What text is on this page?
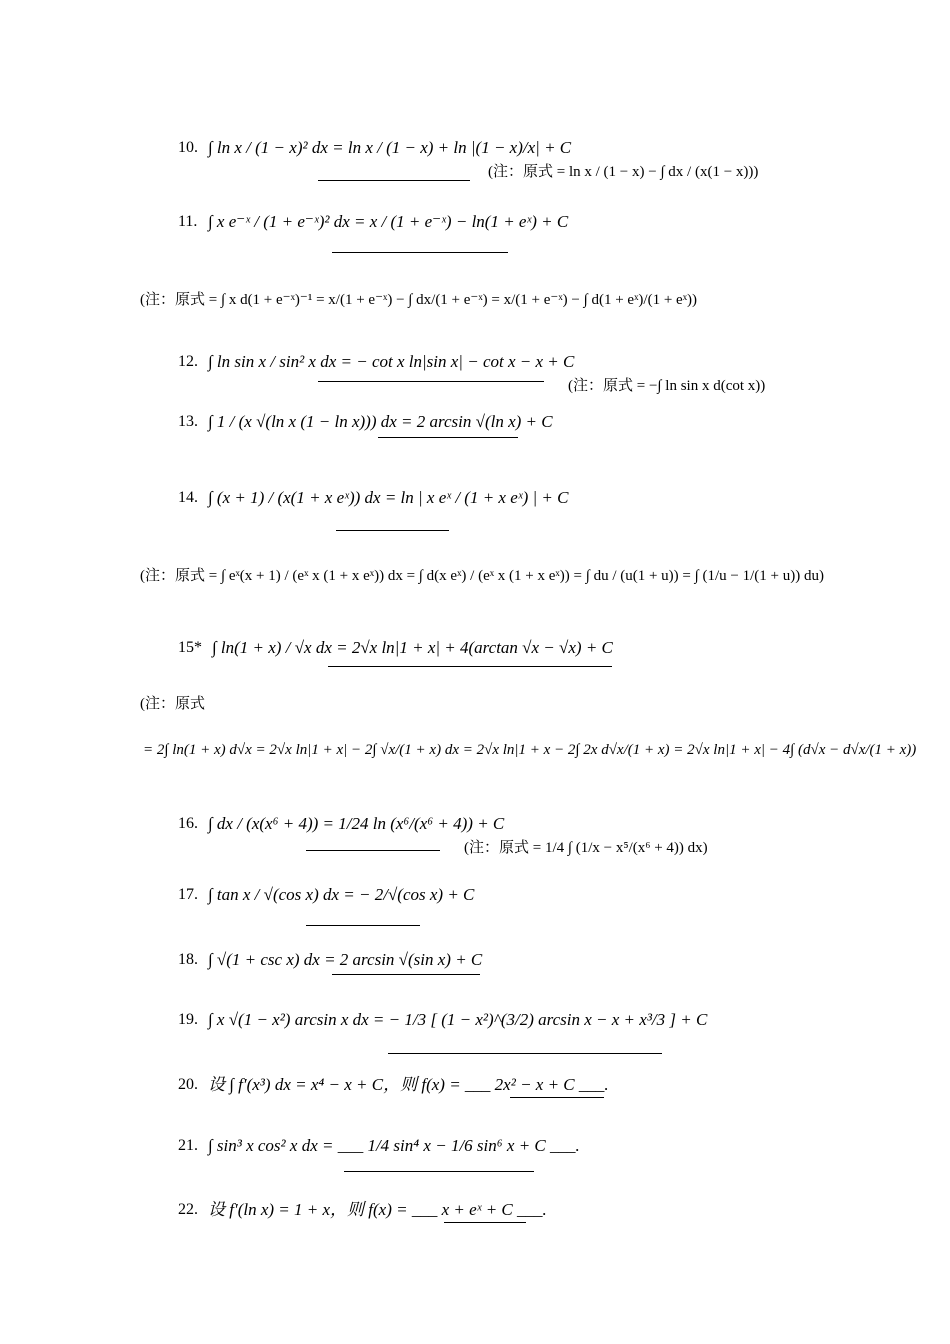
10. ∫ ln x / (1 − x)² dx = ln x / (1 − x) + ln |(1 − x)/x| + C
(注：原式 = ln x / (1 − x) − ∫ dx / (x(1 − x)))
11. ∫ x e⁻ˣ / (1 + e⁻ˣ)² dx = x / (1 + e⁻ˣ) − ln(1 + eˣ) + C
(注：原式 = ∫ x d(1 + e⁻ˣ)⁻¹ = x/(1 + e⁻ˣ) − ∫ dx/(1 + e⁻ˣ) = x/(1 + e⁻ˣ) − ∫ d(1 + eˣ)/(1 + eˣ))
12. ∫ ln sin x / sin² x dx = − cot x ln|sin x| − cot x − x + C
(注：原式 = −∫ ln sin x d(cot x))
13. ∫ 1 / (x √(ln x (1 − ln x))) dx = 2 arcsin √(ln x) + C
14. ∫ (x + 1) / (x(1 + x eˣ)) dx = ln | x eˣ / (1 + x eˣ) | + C
(注：原式 = ∫ eˣ(x + 1) / (eˣ x (1 + x eˣ)) dx = ∫ d(x eˣ) / (eˣ x (1 + x eˣ)) = ∫ du / (u(1 + u)) = ∫ (1/u − 1/(1 + u)) du)
15* ∫ ln(1 + x) / √x dx = 2√x ln|1 + x| + 4(arctan √x − √x) + C
(注：原式
= 2∫ ln(1 + x) d√x = 2√x ln|1 + x| − 2∫ √x/(1 + x) dx = 2√x ln|1 + x − 2∫ 2x d√x/(1 + x) = 2√x ln|1 + x| − 4∫ (d√x − d√x/(1 + x))
16. ∫ dx / (x(x⁶ + 4)) = 1/24 ln (x⁶/(x⁶ + 4)) + C
(注：原式 = 1/4 ∫ (1/x − x⁵/(x⁶ + 4)) dx)
17. ∫ tan x / √(cos x) dx = − 2/√(cos x) + C
18. ∫ √(1 + csc x) dx = 2 arcsin √(sin x) + C
19. ∫ x √(1 − x²) arcsin x dx = − 1/3 [ (1 − x²)^(3/2) arcsin x − x + x³/3 ] + C
20. 设 ∫ f′(x³) dx = x⁴ − x + C，则 f(x) = ___ 2x² − x + C ___.
21. ∫ sin³ x cos² x dx = ___ 1/4 sin⁴ x − 1/6 sin⁶ x + C ___.
22. 设 f′(ln x) = 1 + x，则 f(x) = ___ x + eˣ + C ___.
